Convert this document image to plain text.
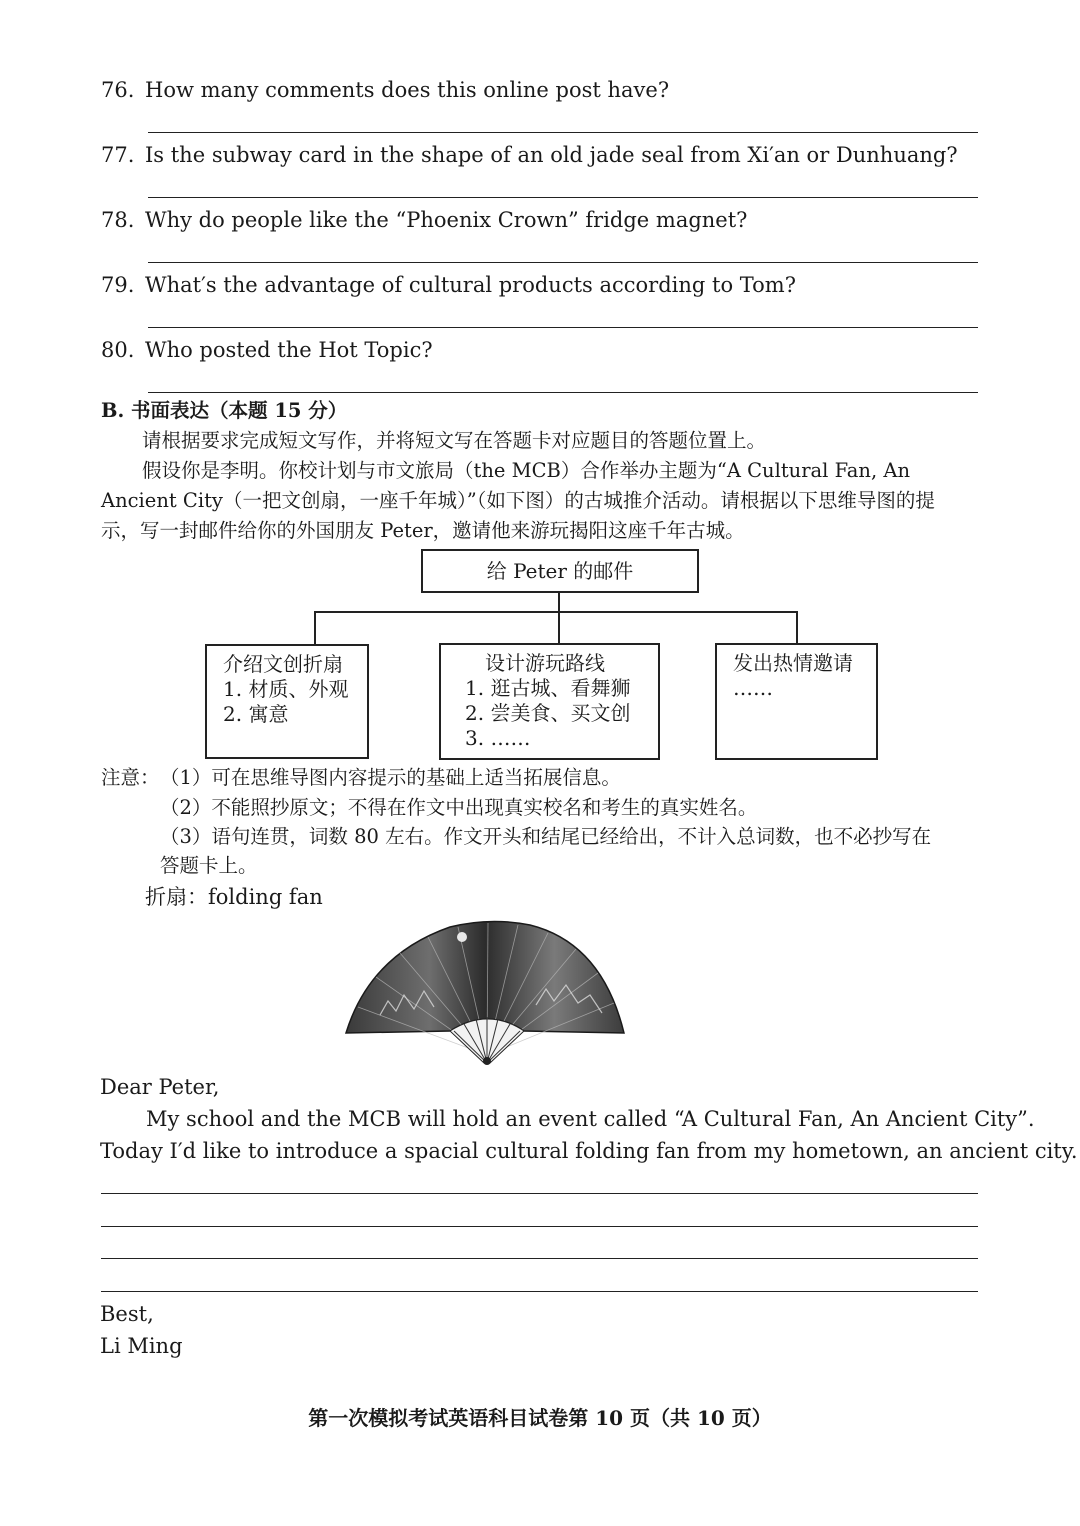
76. How many comments does this online post have?
77. Is the subway card in the shape of an old jade seal from Xi′an or Dunhuang?
78. Why do people like the “Phoenix Crown” fridge magnet?
79. What′s the advantage of cultural products according to Tom?
80. Who posted the Hot Topic?
B. 书面表达（本题 15 分）
请根据要求完成短文写作，并将短文写在答题卡对应题目的答题位置上。
假设你是李明。你校计划与市文旅局（the MCB）合作举办主题为“A Cultural Fan, An
Ancient City（一把文创扇，一座千年城）”（如下图）的古城推介活动。请根据以下思维导图的提
示，写一封邮件给你的外国朋友 Peter，邀请他来游玩揭阳这座千年古城。
给 Peter 的邮件
介绍文创折扇
1. 材质、外观
2. 寓意
设计游玩路线
1. 逛古城、看舞狮
2. 尝美食、买文创
3. ……
发出热情邀请
……
注意： （1）可在思维导图内容提示的基础上适当拓展信息。
（2）不能照抄原文；不得在作文中出现真实校名和考生的真实姓名。
（3）语句连贯，词数 80 左右。作文开头和结尾已经给出，不计入总词数，也不必抄写在
答题卡上。
折扇：folding fan
Dear Peter,
My school and the MCB will hold an event called “A Cultural Fan, An Ancient City”.
Today I′d like to introduce a spacial cultural folding fan from my hometown, an ancient city.
Best,
Li Ming
第一次模拟考试英语科目试卷第 10 页（共 10 页）
